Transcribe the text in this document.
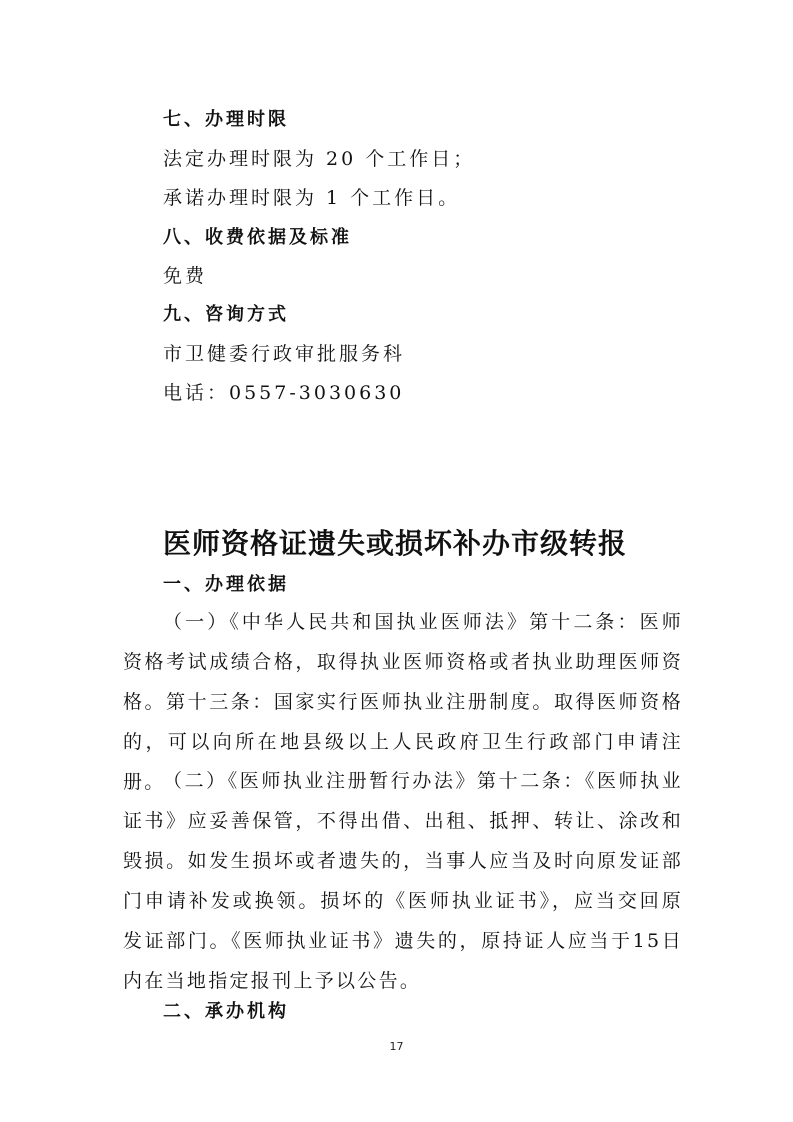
七、办理时限
法定办理时限为 20 个工作日；
承诺办理时限为 1 个工作日。
八、收费依据及标准
免费
九、咨询方式
市卫健委行政审批服务科
电话：0557-3030630
医师资格证遗失或损坏补办市级转报
一、办理依据
（一）《中华人民共和国执业医师法》第十二条：医师资格考试成绩合格，取得执业医师资格或者执业助理医师资格。第十三条：国家实行医师执业注册制度。取得医师资格的，可以向所在地县级以上人民政府卫生行政部门申请注册。
（二）《医师执业注册暂行办法》第十二条：《医师执业证书》应妥善保管，不得出借、出租、抵押、转让、涂改和毁损。如发生损坏或者遗失的，当事人应当及时向原发证部门申请补发或换领。损坏的《医师执业证书》，应当交回原发证部门。《医师执业证书》遗失的，原持证人应当于15日内在当地指定报刊上予以公告。
二、承办机构
17
